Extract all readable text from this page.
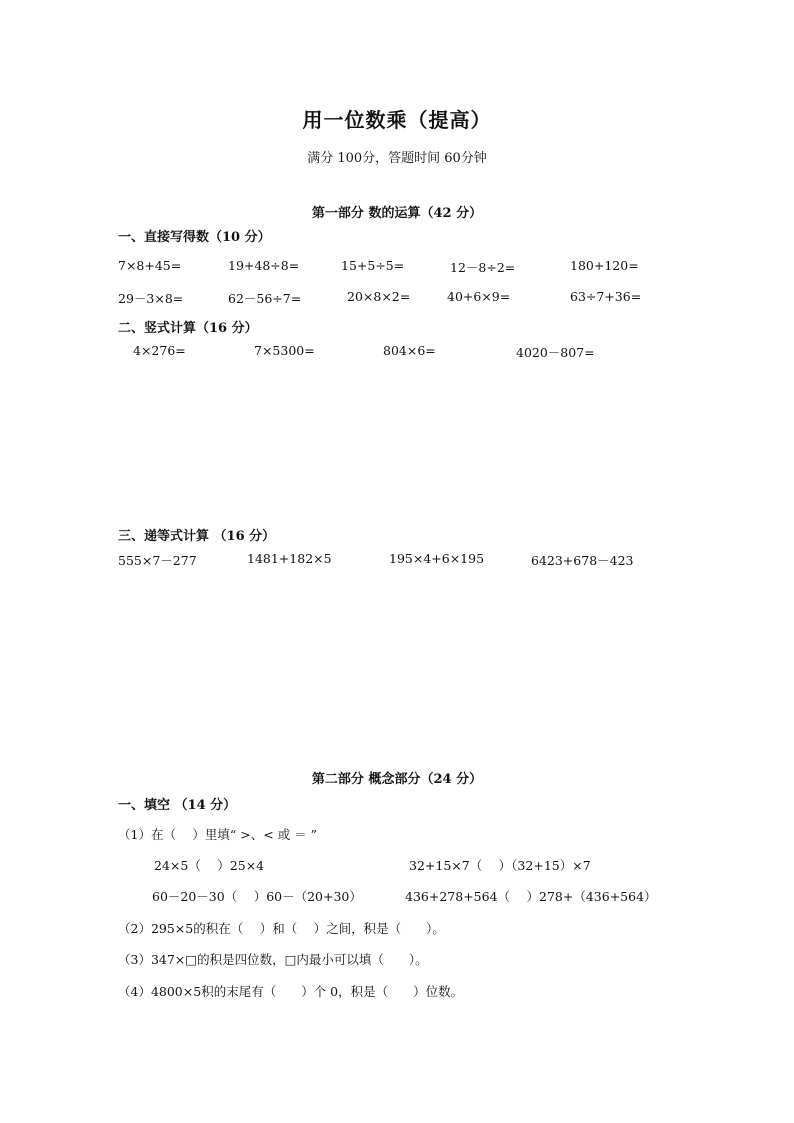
用一位数乘（提高）
满分 100分，答题时间 60分钟
第一部分 数的运算（42 分）
一、直接写得数（10 分）
7×8+45=	19+48÷8=	15+5÷5=	12－8÷2=	180+120=
29－3×8=	62－56÷7=	20×8×2=	40+6×9=	63÷7+36=
二、竖式计算（16 分）
4×276=	7×5300=	804×6=	4020－807=
三、递等式计算 （16 分）
555×7－277	1481+182×5	195×4+6×195	6423+678－423
第二部分 概念部分（24 分）
一、填空 （14 分）
（1）在（　 ）里填“ >、< 或 ＝ ”
24×5（　 ）25×4	32+15×7（　 ）（32+15）×7
60－20－30（　 ）60－（20+30）	436+278+564（　 ）278+（436+564）
（2）295×5的积在（　 ）和（　 ）之间，积是（　　）。
（3）347×□的积是四位数，□内最小可以填（　　）。
（4）4800×5积的末尾有（　　）个 0，积是（　　）位数。
